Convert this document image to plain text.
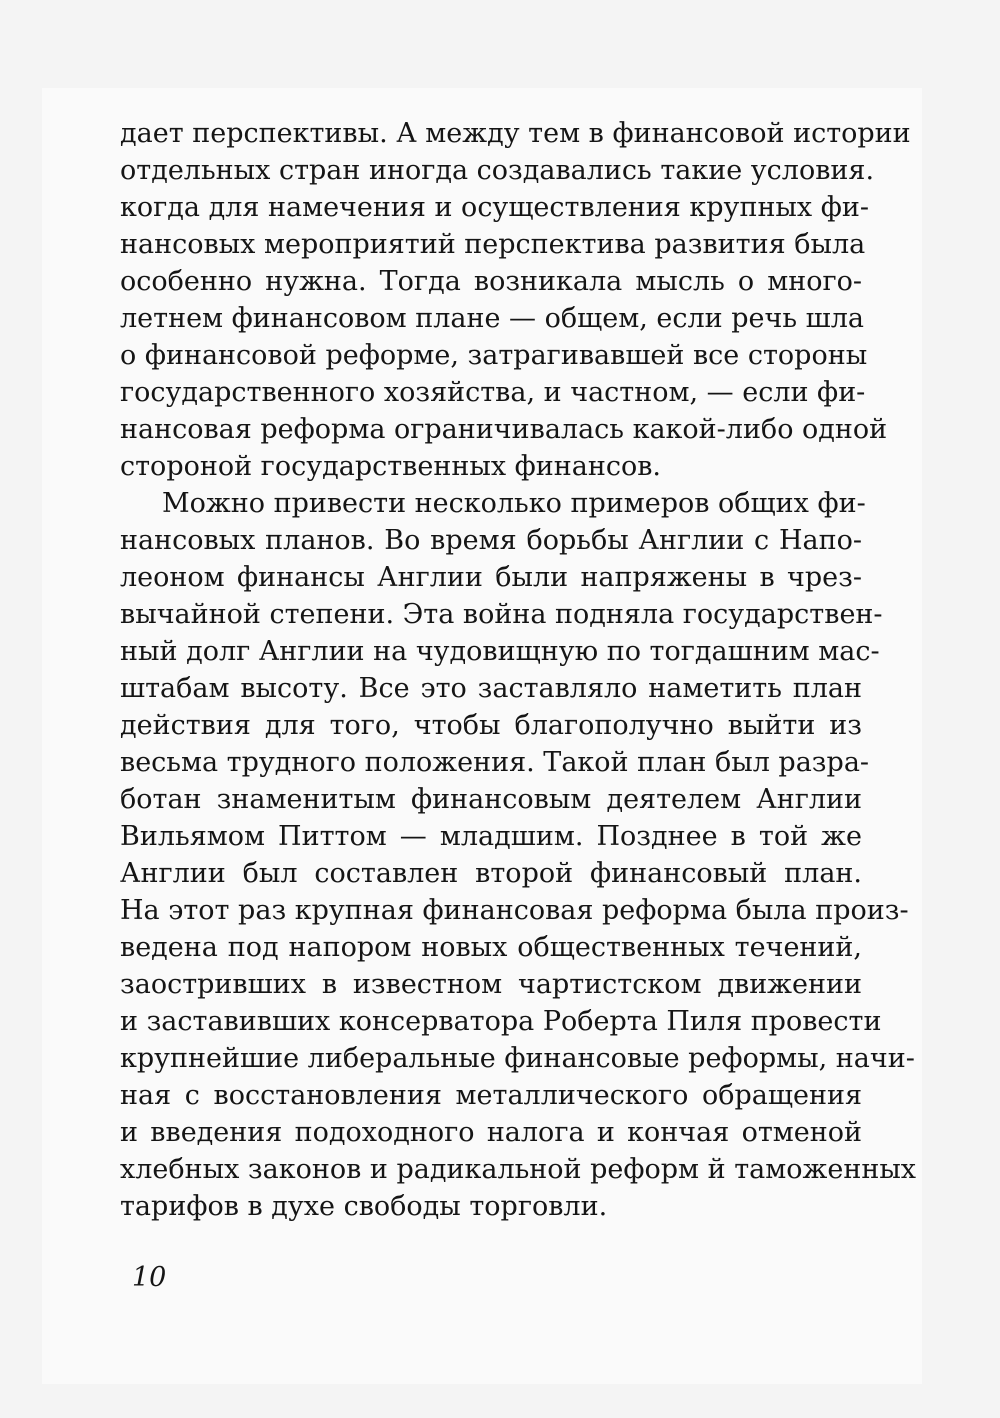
дает перспективы. А между тем в финансовой истории
отдельных стран иногда создавались такие условия.
когда для намечения и осуществления крупных фи-
нансовых мероприятий перспектива развития была
особенно нужна. Тогда возникала мысль о много-
летнем финансовом плане — общем, если речь шла
о финансовой реформе, затрагивавшей все стороны
государственного хозяйства, и частном, — если фи-
нансовая реформа ограничивалась какой-либо одной
стороной государственных финансов.
Можно привести несколько примеров общих фи-
нансовых планов. Во время борьбы Англии с Напо-
леоном финансы Англии были напряжены в чрез-
вычайной степени. Эта война подняла государствен-
ный долг Англии на чудовищную по тогдашним мас-
штабам высоту. Все это заставляло наметить план
действия для того, чтобы благополучно выйти из
весьма трудного положения. Такой план был разра-
ботан знаменитым финансовым деятелем Англии
Вильямом Питтом — младшим. Позднее в той же
Англии был составлен второй финансовый план.
На этот раз крупная финансовая реформа была произ-
ведена под напором новых общественных течений,
заостривших в известном чартистском движении
и заставивших консерватора Роберта Пиля провести
крупнейшие либеральные финансовые реформы, начи-
ная с восстановления металлического обращения
и введения подоходного налога и кончая отменой
хлебных законов и радикальной реформ й таможенных
тарифов в духе свободы торговли.
10
